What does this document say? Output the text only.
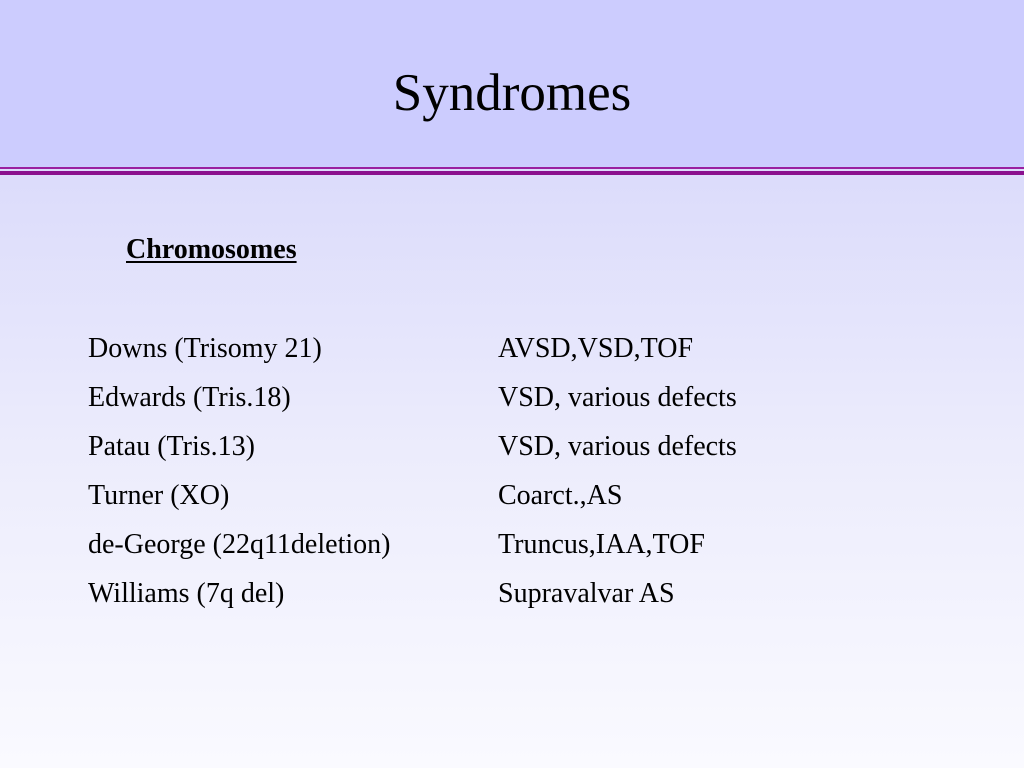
Syndromes
Chromosomes
Downs (Trisomy 21)	AVSD,VSD,TOF
Edwards (Tris.18)	VSD, various defects
Patau (Tris.13)	VSD, various defects
Turner (XO)	Coarct.,AS
de-George (22q11deletion)	Truncus,IAA,TOF
Williams (7q del)	Supravalvar AS
